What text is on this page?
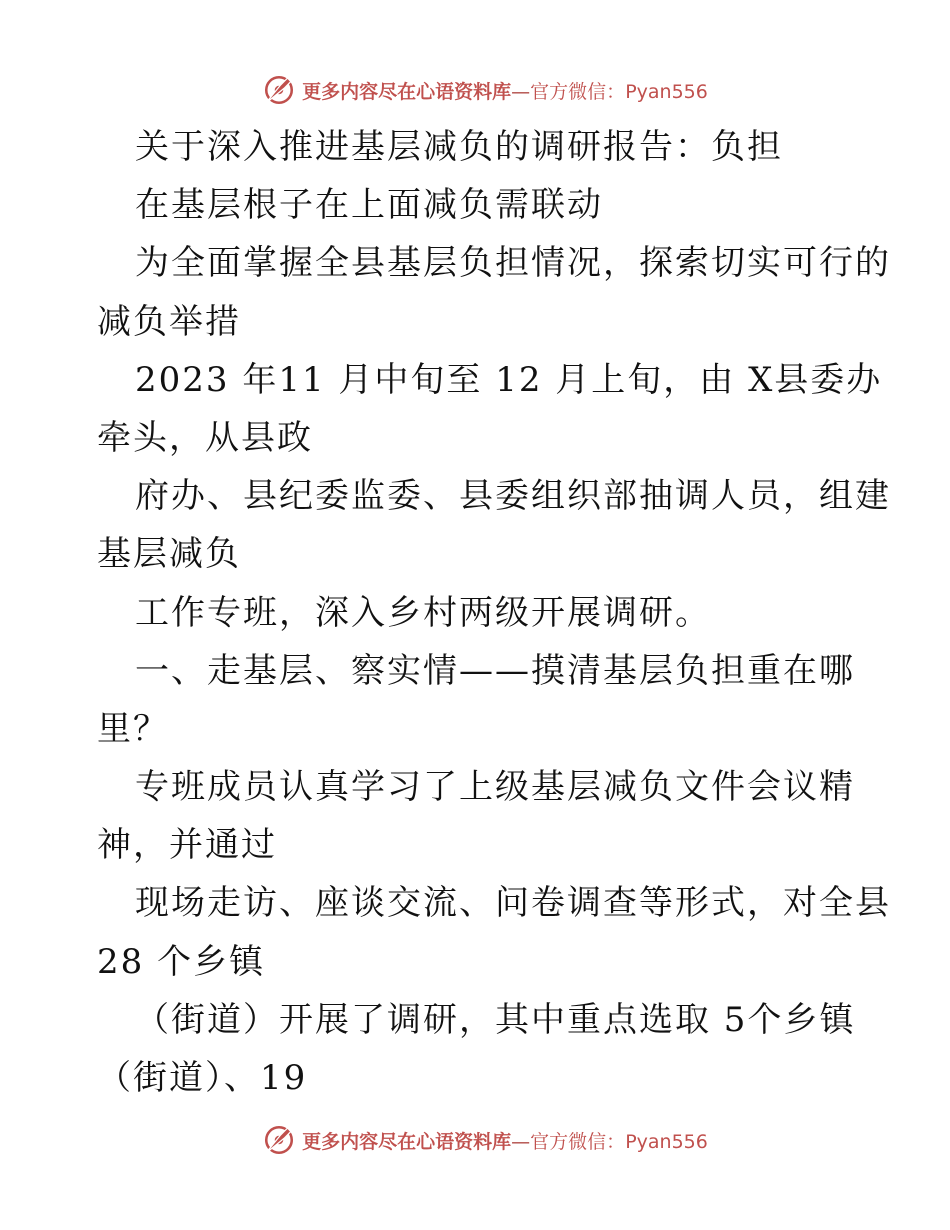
更多内容尽在心语资料库—官方微信：Pyan556
关于深入推进基层减负的调研报告：负担
在基层根子在上面减负需联动
为全面掌握全县基层负担情况，探索切实可行的
减负举措
2023 年11 月中旬至 12 月上旬，由 X县委办
牵头，从县政
府办、县纪委监委、县委组织部抽调人员，组建
基层减负
工作专班，深入乡村两级开展调研。
一、走基层、察实情——摸清基层负担重在哪
里？
专班成员认真学习了上级基层减负文件会议精
神，并通过
现场走访、座谈交流、问卷调查等形式，对全县
28 个乡镇
（街道）开展了调研，其中重点选取 5个乡镇
（街道）、19
更多内容尽在心语资料库—官方微信：Pyan556
